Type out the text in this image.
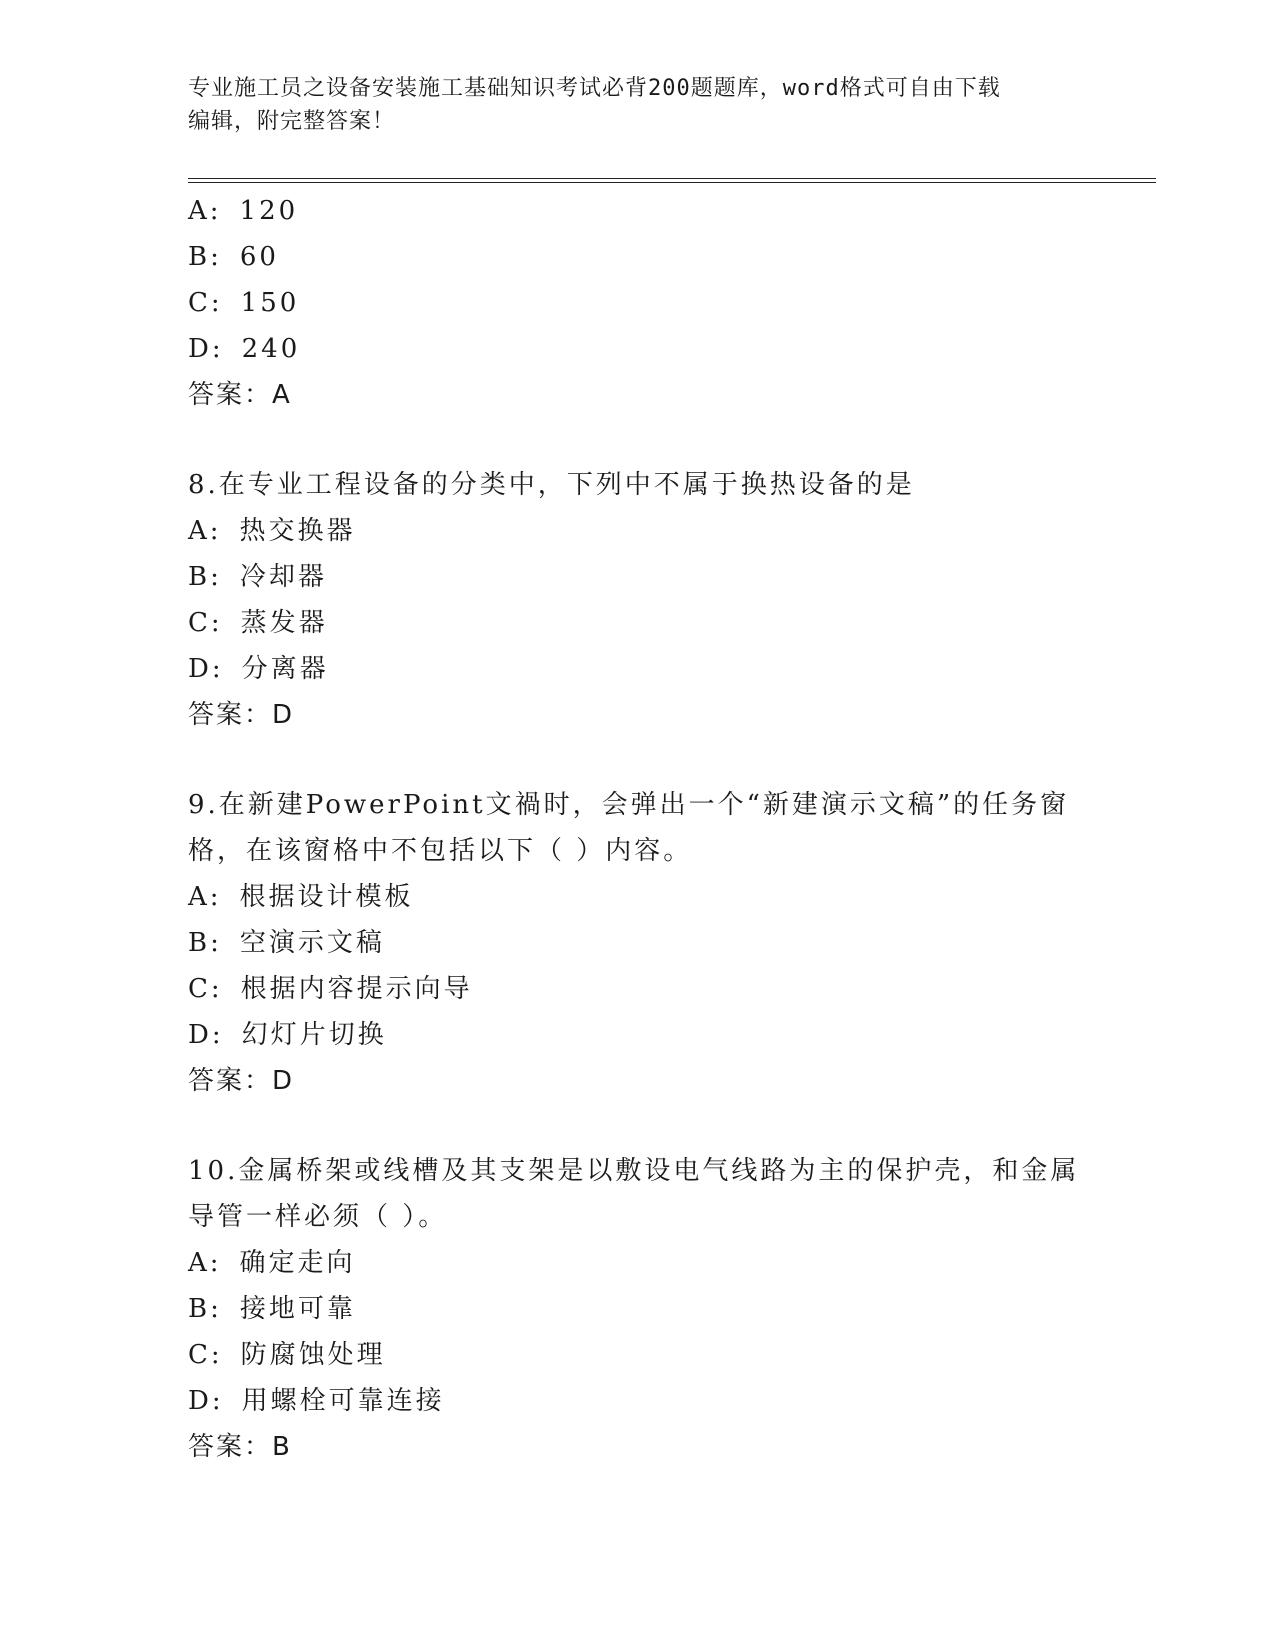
专业施工员之设备安装施工基础知识考试必背200题题库，word格式可自由下载
编辑，附完整答案！
A: 120
B: 60
C: 150
D: 240
答案：A
8.在专业工程设备的分类中，下列中不属于换热设备的是
A: 热交换器
B: 冷却器
C: 蒸发器
D: 分离器
答案：D
9.在新建PowerPoint文禍时，会弹出一个“新建演示文稿”的任务窗
格，在该窗格中不包括以下（ ）内容。
A: 根据设计模板
B: 空演示文稿
C: 根据内容提示向导
D: 幻灯片切换
答案：D
10.金属桥架或线槽及其支架是以敷设电气线路为主的保护壳，和金属
导管一样必须（ ）。
A: 确定走向
B: 接地可靠
C: 防腐蚀处理
D: 用螺栓可靠连接
答案：B
